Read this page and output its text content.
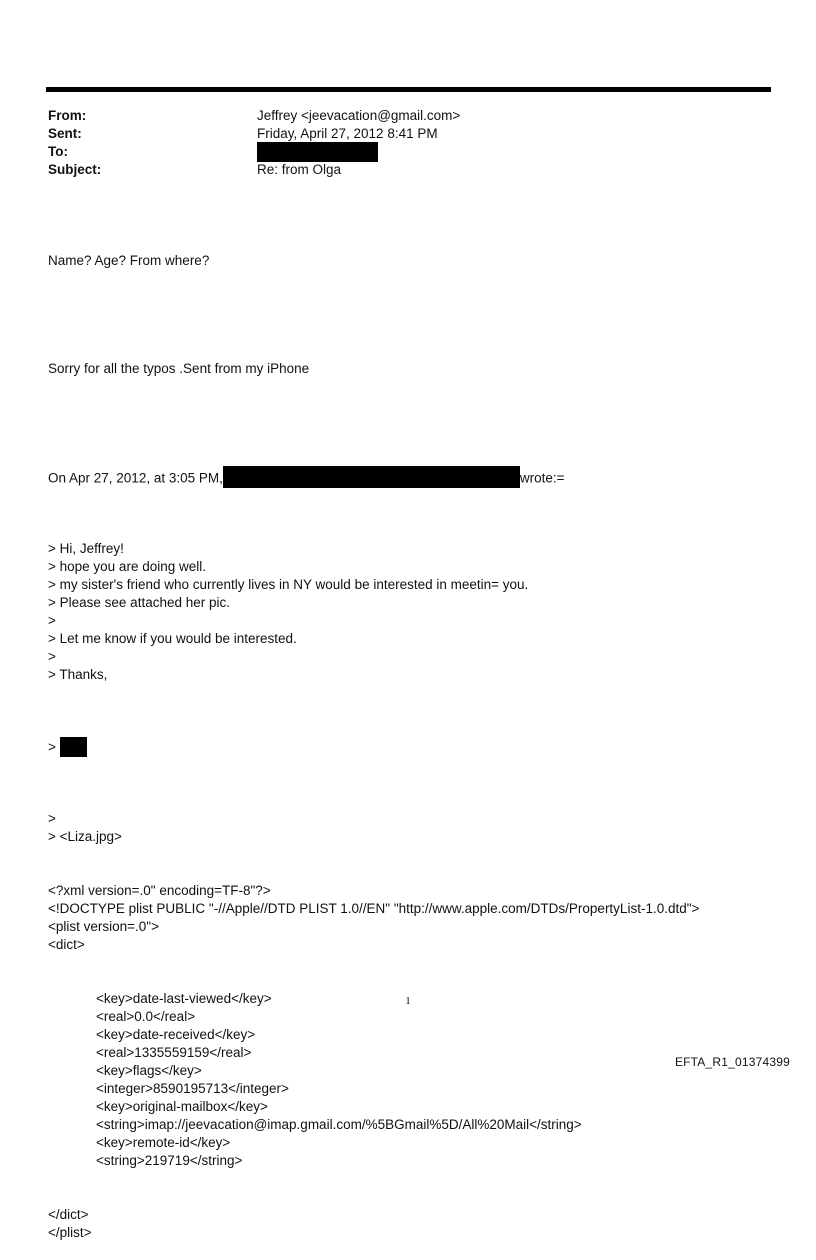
From:	Jeffrey <jeevacation@gmail.com>
Sent:	Friday, April 27, 2012 8:41 PM
To:
Subject:	Re: from Olga

Name? Age? From where?

Sorry for all the typos .Sent from my iPhone

On Apr 27, 2012, at 3:05 PM,	wrote:=

> Hi, Jeffrey!
> hope you are doing well.
> my sister's friend who currently lives in NY would be interested in meetin= you.
> Please see attached her pic.
>
> Let me know if you would be interested.
>
> Thanks,

>

>
> <Liza.jpg>

<?xml version=.0" encoding=TF-8"?>
<!DOCTYPE plist PUBLIC "-//Apple//DTD PLIST 1.0//EN" "http://www.apple.com/DTDs/PropertyList-1.0.dtd">
<plist version=.0">
<dict>

<key>date-last-viewed</key>
<real>0.0</real>
<key>date-received</key>
<real>1335559159</real>
<key>flags</key>
<integer>8590195713</integer>
<key>original-mailbox</key>
<string>imap://jeevacation@imap.gmail.com/%5BGmail%5D/All%20Mail</string>
<key>remote-id</key>
<string>219719</string>

</dict>
</plist>

1
EFTA_R1_01374399
